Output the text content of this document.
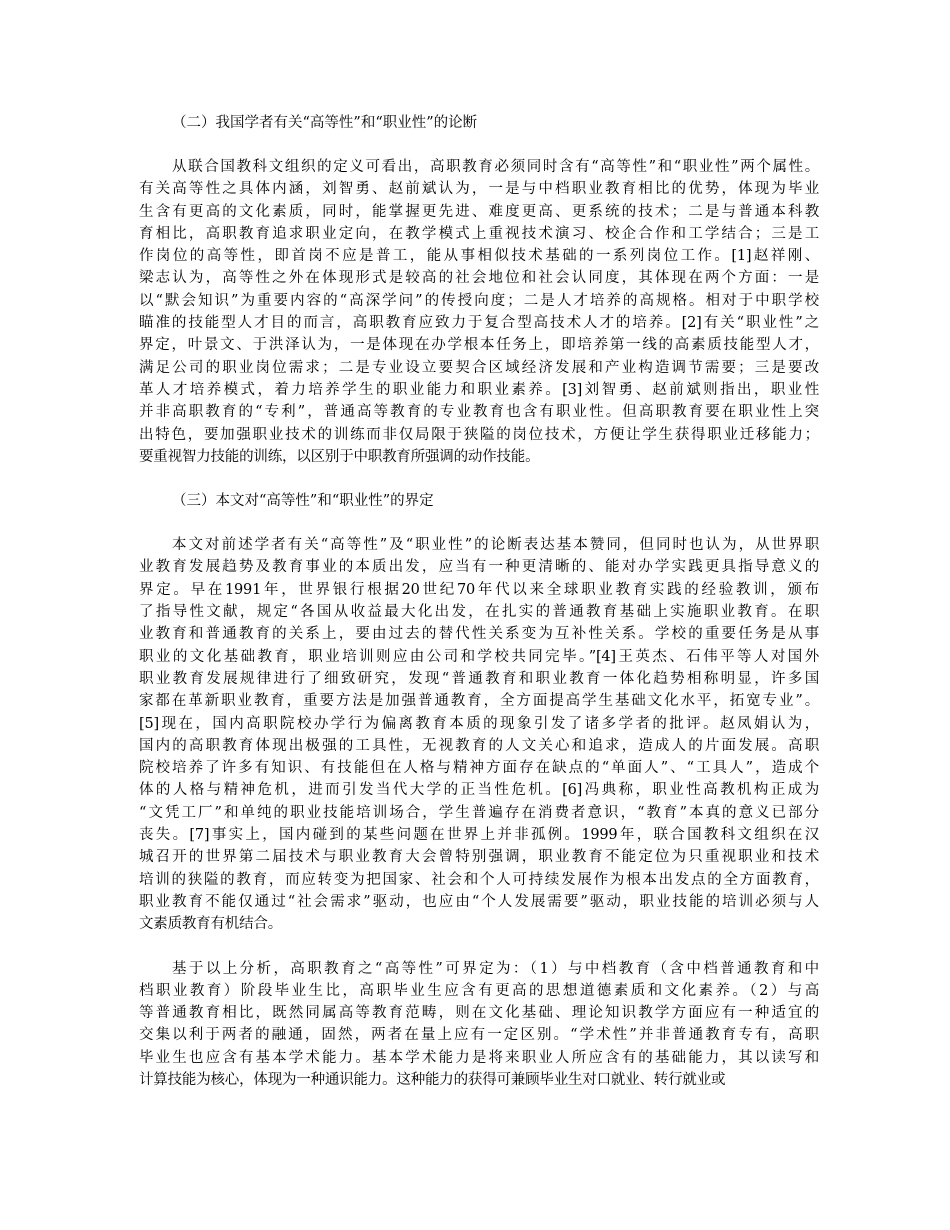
（二）我国学者有关“高等性”和“职业性”的论断
从联合国教科文组织的定义可看出，高职教育必须同时含有“高等性”和“职业性”两个属性。
有关高等性之具体内涵，刘智勇、赵前斌认为，一是与中档职业教育相比的优势，体现为毕业
生含有更高的文化素质，同时，能掌握更先进、难度更高、更系统的技术；二是与普通本科教
育相比，高职教育追求职业定向，在教学模式上重视技术演习、校企合作和工学结合；三是工
作岗位的高等性，即首岗不应是普工，能从事相似技术基础的一系列岗位工作。[1]赵祥刚、
梁志认为，高等性之外在体现形式是较高的社会地位和社会认同度，其体现在两个方面：一是
以“默会知识”为重要内容的“高深学问”的传授向度；二是人才培养的高规格。相对于中职学校
瞄准的技能型人才目的而言，高职教育应致力于复合型高技术人才的培养。[2]有关“职业性”之
界定，叶景文、于洪泽认为，一是体现在办学根本任务上，即培养第一线的高素质技能型人才，
满足公司的职业岗位需求；二是专业设立要契合区域经济发展和产业构造调节需要；三是要改
革人才培养模式，着力培养学生的职业能力和职业素养。[3]刘智勇、赵前斌则指出，职业性
并非高职教育的“专利”，普通高等教育的专业教育也含有职业性。但高职教育要在职业性上突
出特色，要加强职业技术的训练而非仅局限于狭隘的岗位技术，方便让学生获得职业迁移能力；
要重视智力技能的训练，以区别于中职教育所强调的动作技能。
（三）本文对“高等性”和“职业性”的界定
本文对前述学者有关“高等性”及“职业性”的论断表达基本赞同，但同时也认为，从世界职
业教育发展趋势及教育事业的本质出发，应当有一种更清晰的、能对办学实践更具指导意义的
界定。早在1991年，世界银行根据20世纪70年代以来全球职业教育实践的经验教训，颁布
了指导性文献，规定“各国从收益最大化出发，在扎实的普通教育基础上实施职业教育。在职
业教育和普通教育的关系上，要由过去的替代性关系变为互补性关系。学校的重要任务是从事
职业的文化基础教育，职业培训则应由公司和学校共同完毕。”[4]王英杰、石伟平等人对国外
职业教育发展规律进行了细致研究，发现“普通教育和职业教育一体化趋势相称明显，许多国
家都在革新职业教育，重要方法是加强普通教育，全方面提高学生基础文化水平，拓宽专业”。
[5]现在，国内高职院校办学行为偏离教育本质的现象引发了诸多学者的批评。赵凤娟认为，
国内的高职教育体现出极强的工具性，无视教育的人文关心和追求，造成人的片面发展。高职
院校培养了许多有知识、有技能但在人格与精神方面存在缺点的“单面人”、“工具人”，造成个
体的人格与精神危机，进而引发当代大学的正当性危机。[6]冯典称，职业性高教机构正成为
“文凭工厂”和单纯的职业技能培训场合，学生普遍存在消费者意识，“教育”本真的意义已部分
丧失。[7]事实上，国内碰到的某些问题在世界上并非孤例。1999年，联合国教科文组织在汉
城召开的世界第二届技术与职业教育大会曾特别强调，职业教育不能定位为只重视职业和技术
培训的狭隘的教育，而应转变为把国家、社会和个人可持续发展作为根本出发点的全方面教育，
职业教育不能仅通过“社会需求”驱动，也应由“个人发展需要”驱动，职业技能的培训必须与人
文素质教育有机结合。
基于以上分析，高职教育之“高等性”可界定为：（1）与中档教育（含中档普通教育和中
档职业教育）阶段毕业生比，高职毕业生应含有更高的思想道德素质和文化素养。（2）与高
等普通教育相比，既然同属高等教育范畴，则在文化基础、理论知识教学方面应有一种适宜的
交集以利于两者的融通，固然，两者在量上应有一定区别。“学术性”并非普通教育专有，高职
毕业生也应含有基本学术能力。基本学术能力是将来职业人所应含有的基础能力，其以读写和
计算技能为核心，体现为一种通识能力。这种能力的获得可兼顾毕业生对口就业、转行就业或
